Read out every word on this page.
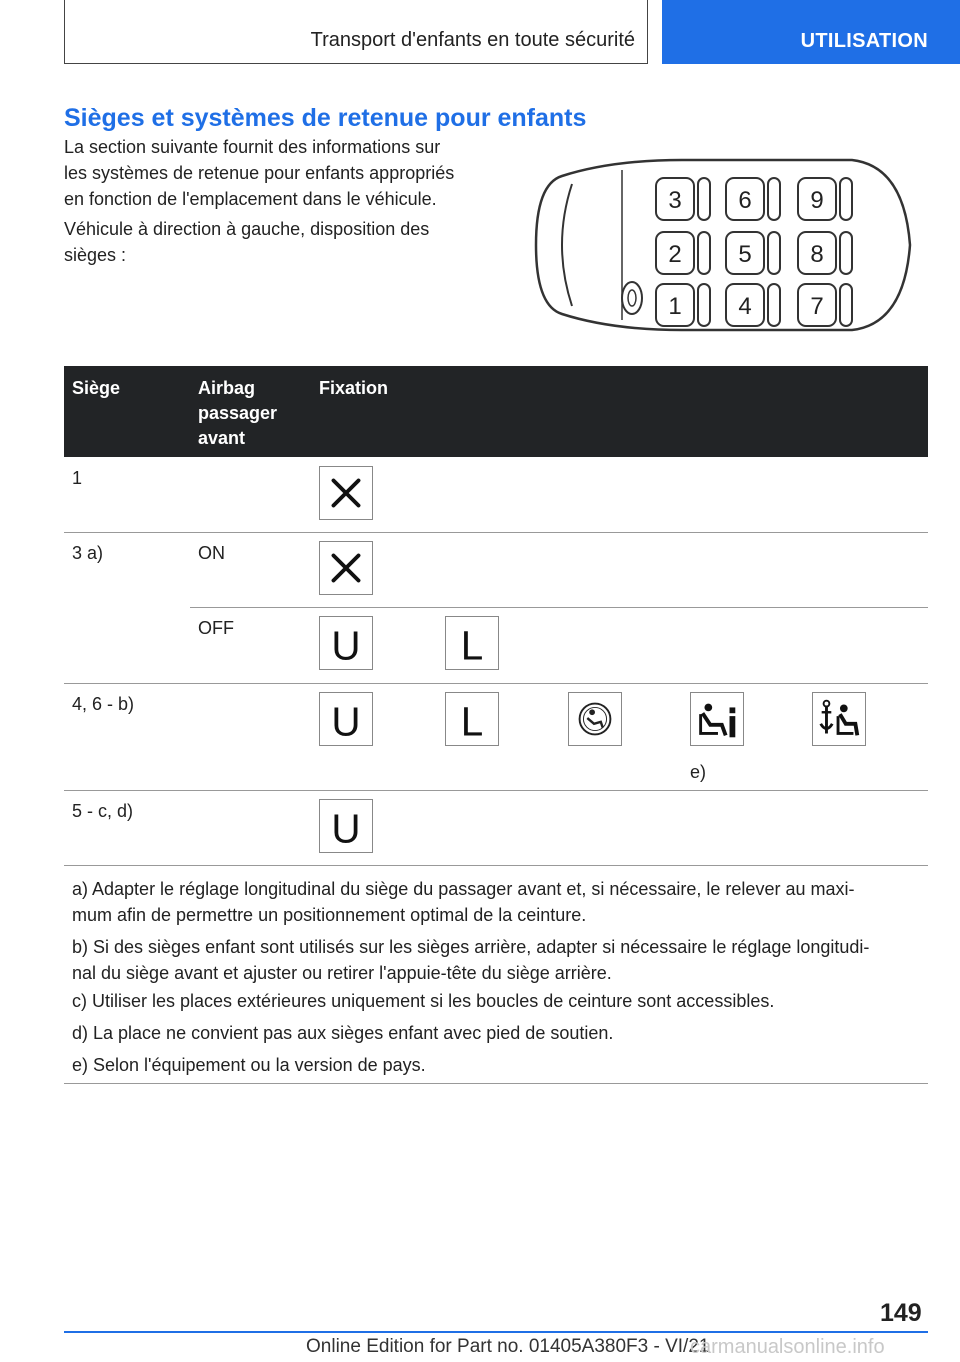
Transport d'enfants en toute sécurité	UTILISATION
Sièges et systèmes de retenue pour enfants
La section suivante fournit des informations sur
les systèmes de retenue pour enfants appropriés
en fonction de l'emplacement dans le véhicule.
Véhicule à direction à gauche, disposition des
sièges :
3 6 9
2 5 8
1 4 7
Siège	Airbag
passager
avant
Fixation
1
3 a)	ON
OFF U L
4, 6 - b)	U L
e)
5 - c, d)	U
a) Adapter le réglage longitudinal du siège du passager avant et, si nécessaire, le relever au maxi-
mum afin de permettre un positionnement optimal de la ceinture.
b) Si des sièges enfant sont utilisés sur les sièges arrière, adapter si nécessaire le réglage longitudi-
nal du siège avant et ajuster ou retirer l'appuie-tête du siège arrière.
c) Utiliser les places extérieures uniquement si les boucles de ceinture sont accessibles.
d) La place ne convient pas aux sièges enfant avec pied de soutien.
e) Selon l'équipement ou la version de pays.
149
Online Edition for Part no. 01405A380F3 - VI/21
carmanualsonline.info
